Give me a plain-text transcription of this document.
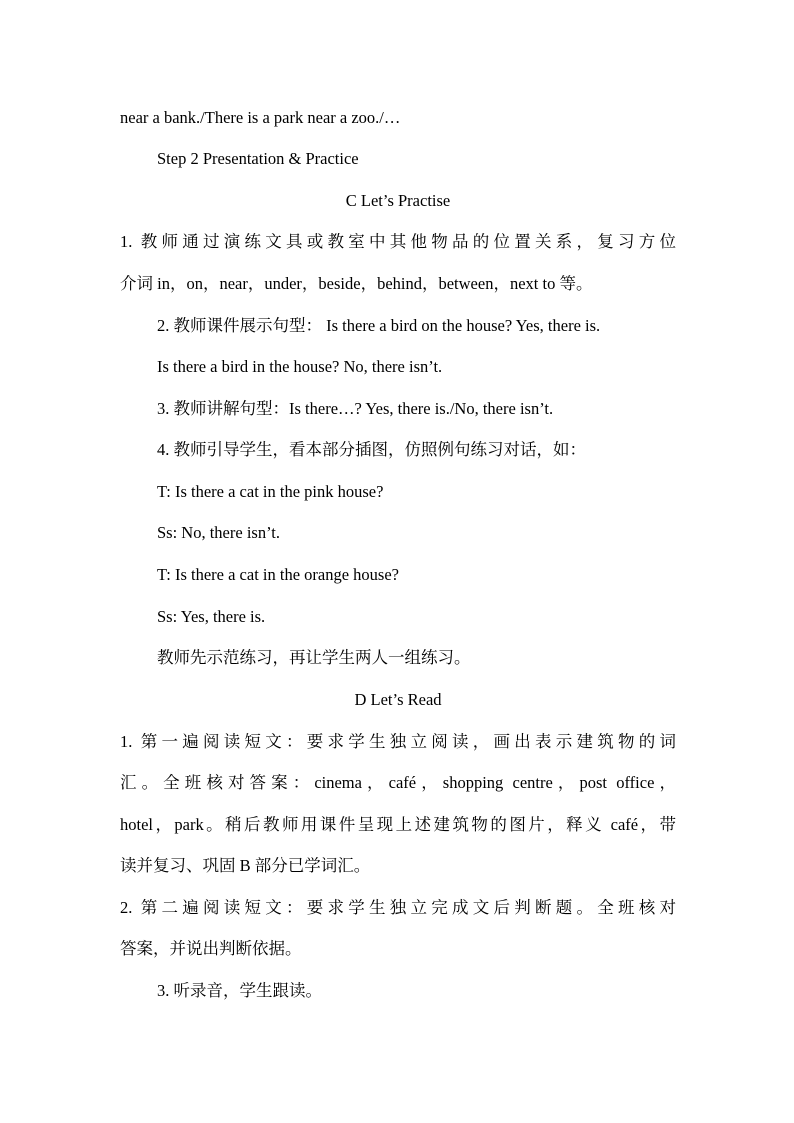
near a bank./There is a park near a zoo./…
Step 2 Presentation & Practice
C Let’s Practise
1. 教师通过演练文具或教室中其他物品的位置关系，复习方位
介词 in，on，near，under，beside，behind，between，next to 等。
2. 教师课件展示句型： Is there a bird on the house? Yes, there is.
Is there a bird in the house? No, there isn’t.
3. 教师讲解句型：Is there…? Yes, there is./No, there isn’t.
4. 教师引导学生，看本部分插图，仿照例句练习对话，如：
T: Is there a cat in the pink house?
Ss: No, there isn’t.
T: Is there a cat in the orange house?
Ss: Yes, there is.
教师先示范练习，再让学生两人一组练习。
D Let’s Read
1. 第一遍阅读短文：要求学生独立阅读，画出表示建筑物的词
汇。全班核对答案：cinema，café，shopping centre，post office，
hotel，park。稍后教师用课件呈现上述建筑物的图片，释义 café，带
读并复习、巩固 B 部分已学词汇。
2. 第二遍阅读短文：要求学生独立完成文后判断题。全班核对
答案，并说出判断依据。
3. 听录音，学生跟读。
